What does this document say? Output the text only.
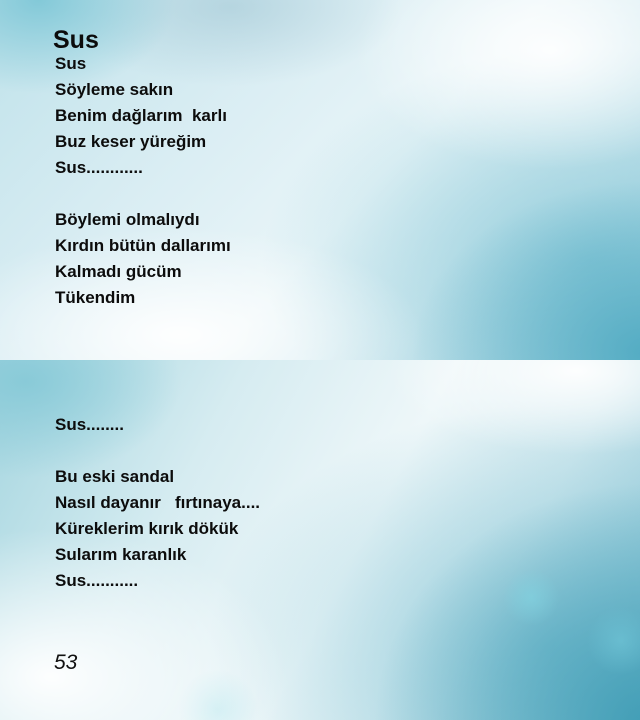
Sus
Sus
Söyleme sakın
Benim dağlarım  karlı
Buz keser yüreğim
Sus............
Böylemi olmalıydı
Kırdın bütün dallarımı
Kalmadı gücüm
Tükendim
Sus........
Bu eski sandal
Nasıl dayanır   fırtınaya....
Küreklerim kırık dökük
Sularım karanlık
Sus...........
53
